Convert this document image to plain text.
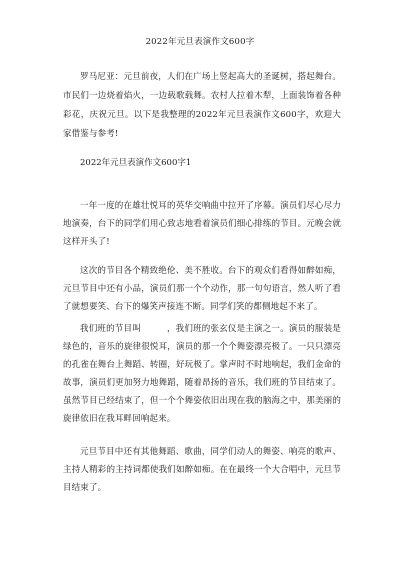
2022年元旦表演作文600字

罗马尼亚：元旦前夜，人们在广场上竖起高大的圣诞树，搭起舞台。市民们一边烧着焰火，一边载歌载舞。农村人拉着木犁，上面装饰着各种彩花，庆祝元旦。以下是我整理的2022年元旦表演作文600字，欢迎大家借鉴与参考!

2022年元旦表演作文600字1

一年一度的在雄壮悦耳的英华交响曲中拉开了序幕。演员们尽心尽力地演奏，台下的同学们用心致志地看着演员们细心排练的节目。元晚会就这样开头了!

这次的节目各个精致绝伦、美不胜收。台下的观众们看得如醉如痴，元旦节目中还有小品，演员们那一个个动作，那一句句语言，然人听了看了就想要笑、台下的爆笑声接连不断。同学们笑的都侧地起不来了。

我们班的节目叫	，我们班的张玄仪是主演之一。演员的服装是绿色的，音乐的旋律很悦耳，演员的那一个个舞姿漂亮极了。一只只漂亮的孔雀在舞台上舞蹈、转圈，好玩极了。掌声时不时地响起，我们金命的故事，演员们更加努力地舞蹈，随着昂扬的音乐，我们班的节目结束了。虽然节目已经结束了，但一个个舞姿依旧出现在我的脑海之中，那美丽的旋律依旧在我耳畔回响起来。

元旦节目中还有其他舞蹈、歌曲，同学们动人的舞姿、响亮的歌声、主持人精彩的主持词都使我们如醉如痴。在在最终一个大合唱中，元旦节目结束了。
